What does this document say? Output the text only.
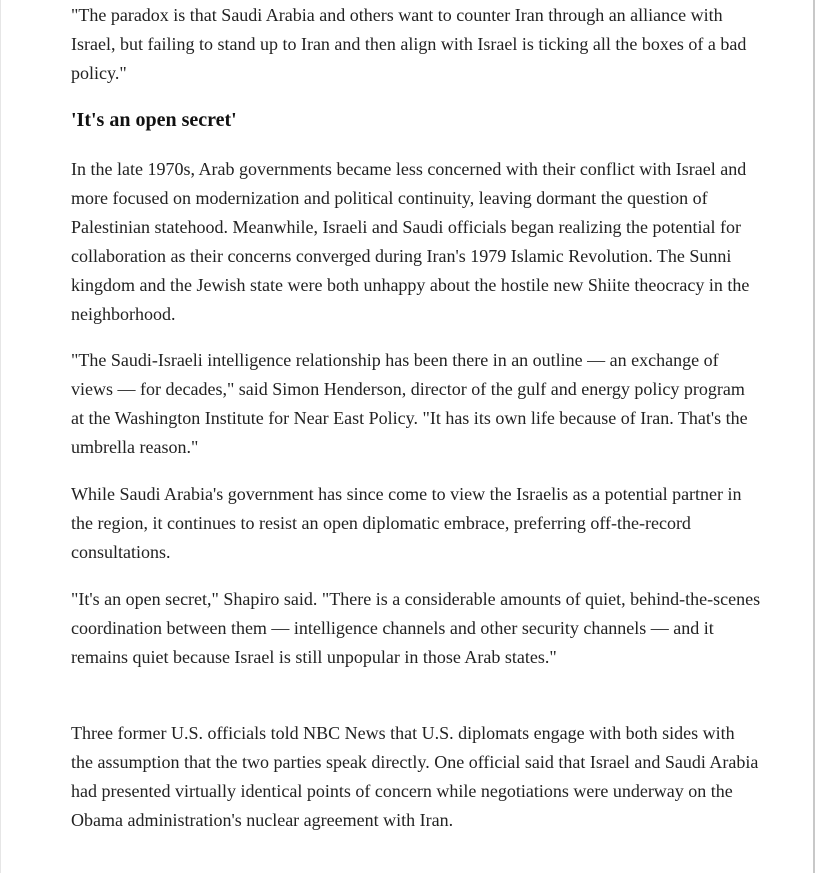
"The paradox is that Saudi Arabia and others want to counter Iran through an alliance with Israel, but failing to stand up to Iran and then align with Israel is ticking all the boxes of a bad policy."

'It's an open secret'

In the late 1970s, Arab governments became less concerned with their conflict with Israel and more focused on modernization and political continuity, leaving dormant the question of Palestinian statehood. Meanwhile, Israeli and Saudi officials began realizing the potential for collaboration as their concerns converged during Iran's 1979 Islamic Revolution. The Sunni kingdom and the Jewish state were both unhappy about the hostile new Shiite theocracy in the neighborhood.

"The Saudi-Israeli intelligence relationship has been there in an outline — an exchange of views — for decades," said Simon Henderson, director of the gulf and energy policy program at the Washington Institute for Near East Policy. "It has its own life because of Iran. That's the umbrella reason."

While Saudi Arabia's government has since come to view the Israelis as a potential partner in the region, it continues to resist an open diplomatic embrace, preferring off-the-record consultations.

"It's an open secret," Shapiro said. "There is a considerable amounts of quiet, behind-the-scenes coordination between them — intelligence channels and other security channels — and it remains quiet because Israel is still unpopular in those Arab states."

Three former U.S. officials told NBC News that U.S. diplomats engage with both sides with the assumption that the two parties speak directly. One official said that Israel and Saudi Arabia had presented virtually identical points of concern while negotiations were underway on the Obama administration's nuclear agreement with Iran.
